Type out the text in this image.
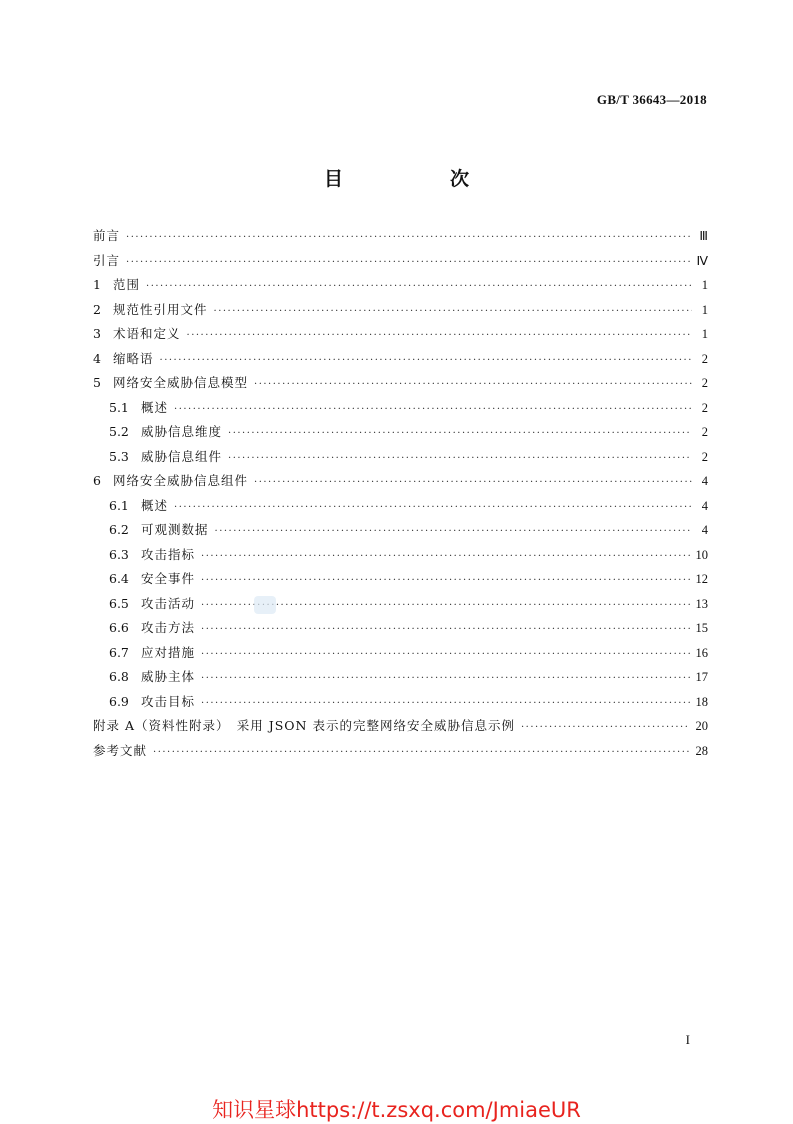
GB/T 36643—2018
目　次
前言 ·····	Ⅲ
引言 ·····	Ⅳ
1 范围 ·····	1
2 规范性引用文件 ·····	1
3 术语和定义 ·····	1
4 缩略语 ·····	2
5 网络安全威胁信息模型 ·····	2
5.1 概述 ·····	2
5.2 威胁信息维度 ·····	2
5.3 威胁信息组件 ·····	2
6 网络安全威胁信息组件 ·····	4
6.1 概述 ·····	4
6.2 可观测数据 ·····	4
6.3 攻击指标 ·····	10
6.4 安全事件 ·····	12
6.5 攻击活动 ·····	13
6.6 攻击方法 ·····	15
6.7 应对措施 ·····	16
6.8 威胁主体 ·····	17
6.9 攻击目标 ·····	18
附录 A（资料性附录）　采用 JSON 表示的完整网络安全威胁信息示例 ·····	20
参考文献 ·····	28
I
知识星球https://t.zsxq.com/JmiaeUR
